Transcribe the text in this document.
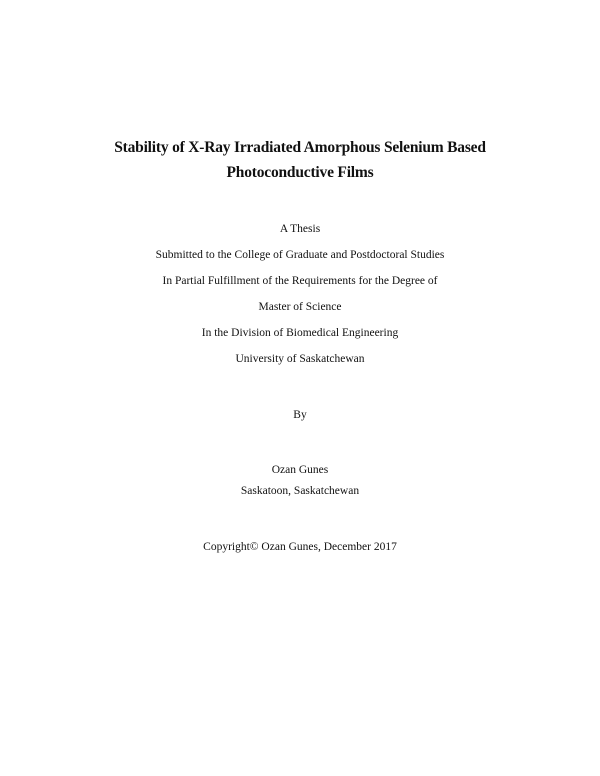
Stability of X-Ray Irradiated Amorphous Selenium Based
Photoconductive Films
A Thesis
Submitted to the College of Graduate and Postdoctoral Studies
In Partial Fulfillment of the Requirements for the Degree of
Master of Science
In the Division of Biomedical Engineering
University of Saskatchewan
By
Ozan Gunes
Saskatoon, Saskatchewan
Copyright© Ozan Gunes, December 2017
